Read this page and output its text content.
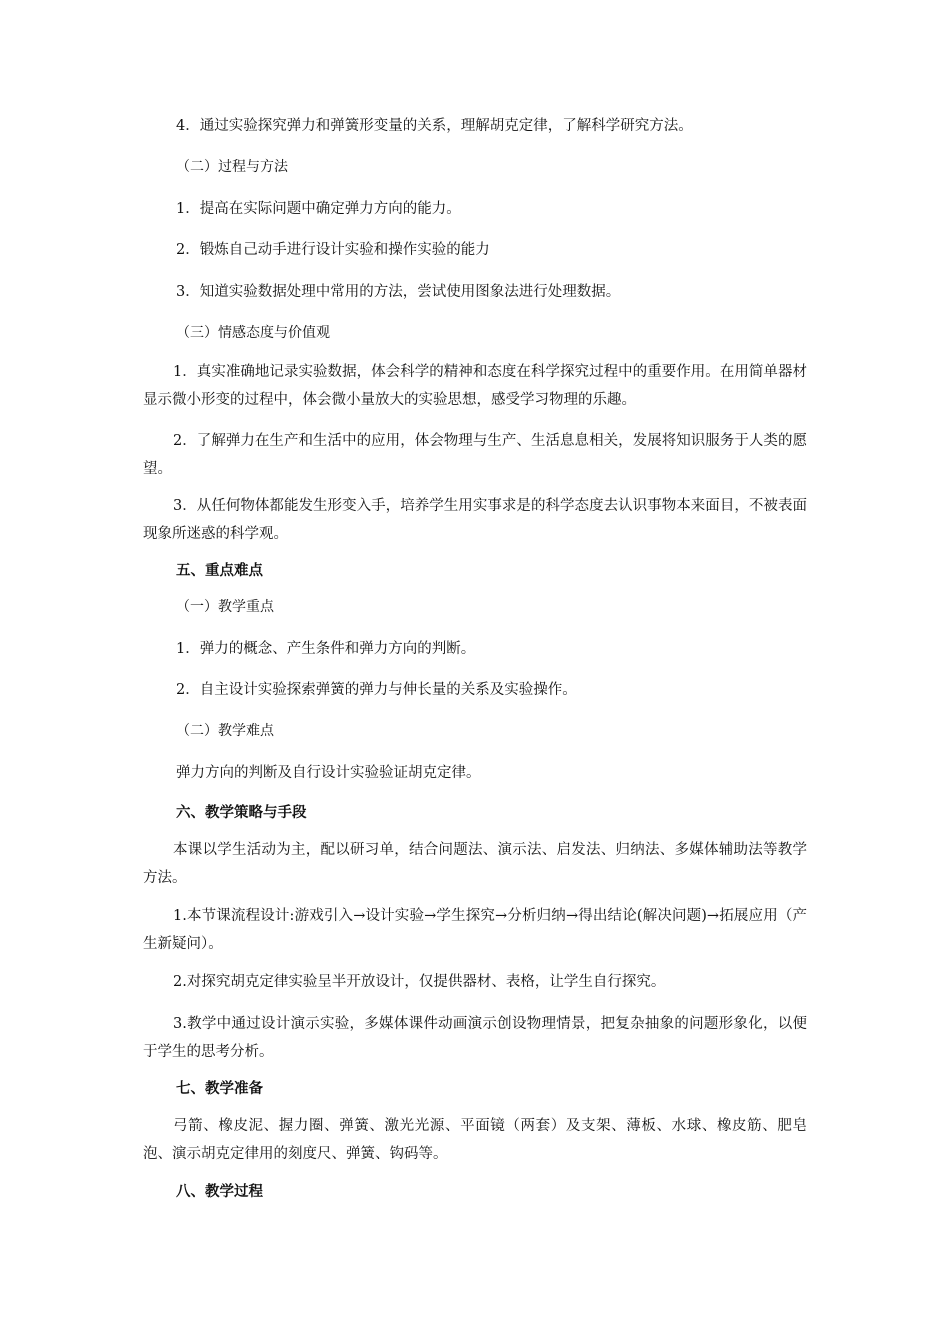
4．通过实验探究弹力和弹簧形变量的关系，理解胡克定律，了解科学研究方法。
（二）过程与方法
1．提高在实际问题中确定弹力方向的能力。
2．锻炼自己动手进行设计实验和操作实验的能力
3．知道实验数据处理中常用的方法，尝试使用图象法进行处理数据。
（三）情感态度与价值观
1．真实准确地记录实验数据，体会科学的精神和态度在科学探究过程中的重要作用。在用简单器材显示微小形变的过程中，体会微小量放大的实验思想，感受学习物理的乐趣。
2．了解弹力在生产和生活中的应用，体会物理与生产、生活息息相关，发展将知识服务于人类的愿望。
3．从任何物体都能发生形变入手，培养学生用实事求是的科学态度去认识事物本来面目，不被表面现象所迷惑的科学观。
五、重点难点
（一）教学重点
1．弹力的概念、产生条件和弹力方向的判断。
2．自主设计实验探索弹簧的弹力与伸长量的关系及实验操作。
（二）教学难点
弹力方向的判断及自行设计实验验证胡克定律。
六、教学策略与手段
本课以学生活动为主，配以研习单，结合问题法、演示法、启发法、归纳法、多媒体辅助法等教学方法。
1.本节课流程设计:游戏引入→设计实验→学生探究→分析归纳→得出结论(解决问题)→拓展应用（产生新疑问）。
2.对探究胡克定律实验呈半开放设计，仅提供器材、表格，让学生自行探究。
3.教学中通过设计演示实验，多媒体课件动画演示创设物理情景，把复杂抽象的问题形象化，以便于学生的思考分析。
七、教学准备
弓箭、橡皮泥、握力圈、弹簧、激光光源、平面镜（两套）及支架、薄板、水球、橡皮筋、肥皂泡、演示胡克定律用的刻度尺、弹簧、钩码等。
八、教学过程
